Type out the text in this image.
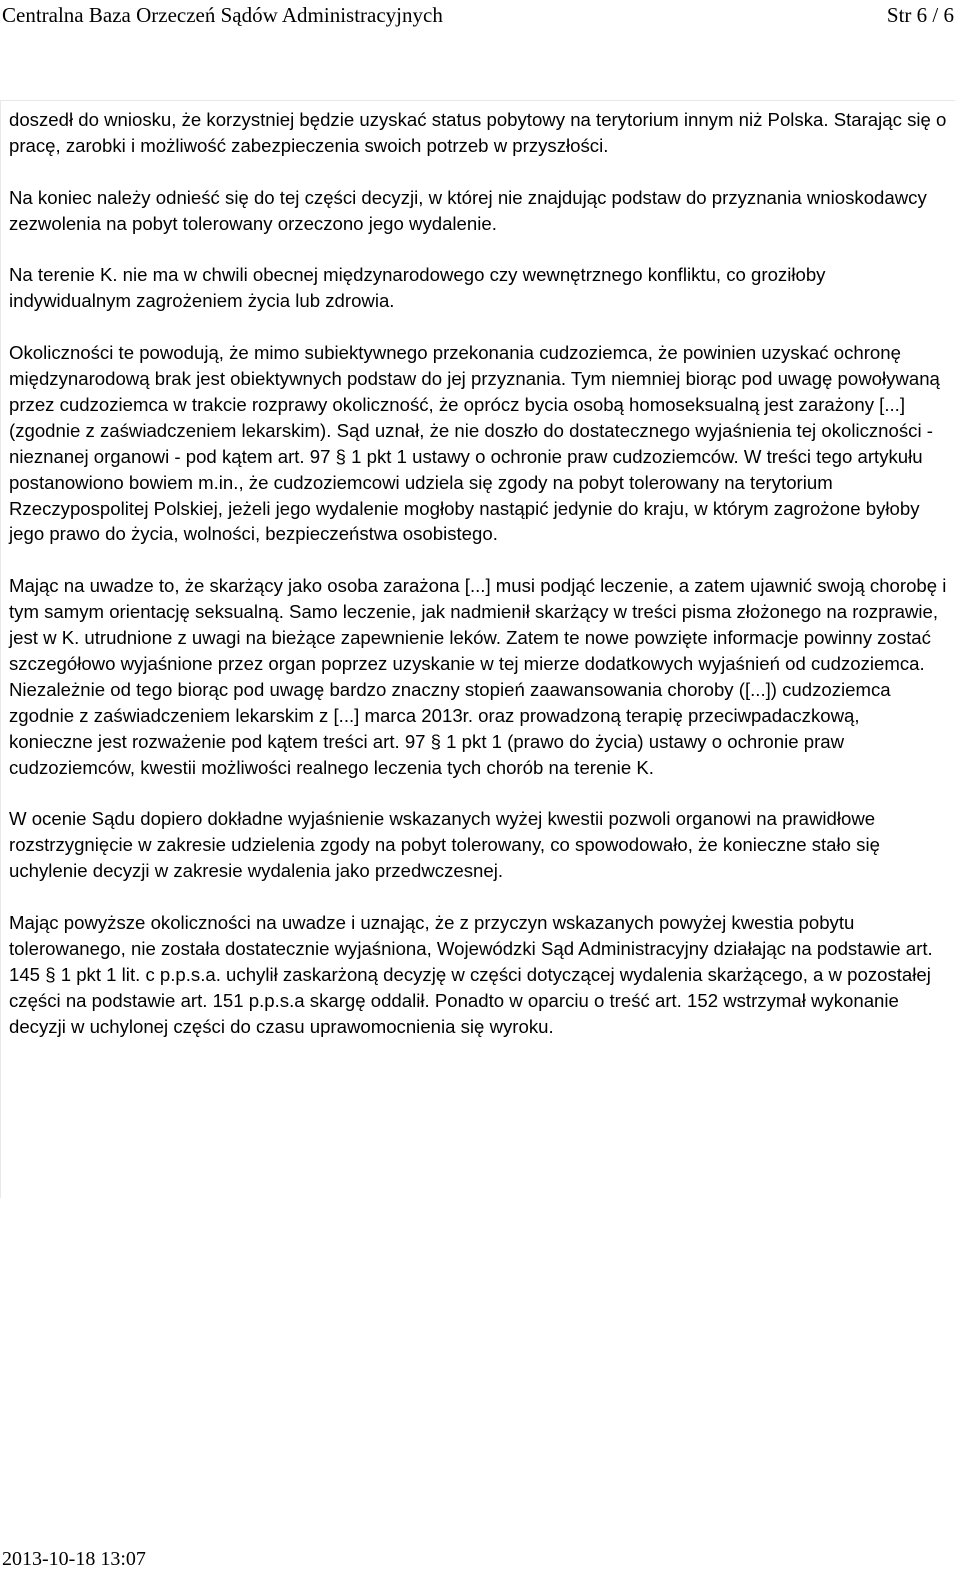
Centralna Baza Orzeczeń Sądów Administracyjnych	Str 6 / 6

doszedł do wniosku, że korzystniej będzie uzyskać status pobytowy na terytorium innym niż Polska. Starając się o pracę, zarobki i możliwość zabezpieczenia swoich potrzeb w przyszłości.

Na koniec należy odnieść się do tej części decyzji, w której nie znajdując podstaw do przyznania wnioskodawcy zezwolenia na pobyt tolerowany orzeczono jego wydalenie.

Na terenie K. nie ma w chwili obecnej międzynarodowego czy wewnętrznego konfliktu, co groziłoby indywidualnym zagrożeniem życia lub zdrowia.

Okoliczności te powodują, że mimo subiektywnego przekonania cudzoziemca, że powinien uzyskać ochronę międzynarodową brak jest obiektywnych podstaw do jej przyznania. Tym niemniej biorąc pod uwagę powoływaną przez cudzoziemca w trakcie rozprawy okoliczność, że oprócz bycia osobą homoseksualną jest zarażony [...] (zgodnie z zaświadczeniem lekarskim). Sąd uznał, że nie doszło do dostatecznego wyjaśnienia tej okoliczności - nieznanej organowi - pod kątem art. 97 § 1 pkt 1 ustawy o ochronie praw cudzoziemców. W treści tego artykułu postanowiono bowiem m.in., że cudzoziemcowi udziela się zgody na pobyt tolerowany na terytorium Rzeczypospolitej Polskiej, jeżeli jego wydalenie mogłoby nastąpić jedynie do kraju, w którym zagrożone byłoby jego prawo do życia, wolności, bezpieczeństwa osobistego.

Mając na uwadze to, że skarżący jako osoba zarażona [...] musi podjąć leczenie, a zatem ujawnić swoją chorobę i tym samym orientację seksualną. Samo leczenie, jak nadmienił skarżący w treści pisma złożonego na rozprawie, jest w K. utrudnione z uwagi na bieżące zapewnienie leków. Zatem te nowe powzięte informacje powinny zostać szczegółowo wyjaśnione przez organ poprzez uzyskanie w tej mierze dodatkowych wyjaśnień od cudzoziemca. Niezależnie od tego biorąc pod uwagę bardzo znaczny stopień zaawansowania choroby ([...]) cudzoziemca zgodnie z zaświadczeniem lekarskim z [...] marca 2013r. oraz prowadzoną terapię przeciwpadaczkową, konieczne jest rozważenie pod kątem treści art. 97 § 1 pkt 1 (prawo do życia) ustawy o ochronie praw cudzoziemców, kwestii możliwości realnego leczenia tych chorób na terenie K.

W ocenie Sądu dopiero dokładne wyjaśnienie wskazanych wyżej kwestii pozwoli organowi na prawidłowe rozstrzygnięcie w zakresie udzielenia zgody na pobyt tolerowany, co spowodowało, że konieczne stało się uchylenie decyzji w zakresie wydalenia jako przedwczesnej.

Mając powyższe okoliczności na uwadze i uznając, że z przyczyn wskazanych powyżej kwestia pobytu tolerowanego, nie została dostatecznie wyjaśniona, Wojewódzki Sąd Administracyjny działając na podstawie art. 145 § 1 pkt 1 lit. c p.p.s.a. uchylił zaskarżoną decyzję w części dotyczącej wydalenia skarżącego, a w pozostałej części na podstawie art. 151 p.p.s.a skargę oddalił. Ponadto w oparciu o treść art. 152 wstrzymał wykonanie decyzji w uchylonej części do czasu uprawomocnienia się wyroku.

2013-10-18 13:07
